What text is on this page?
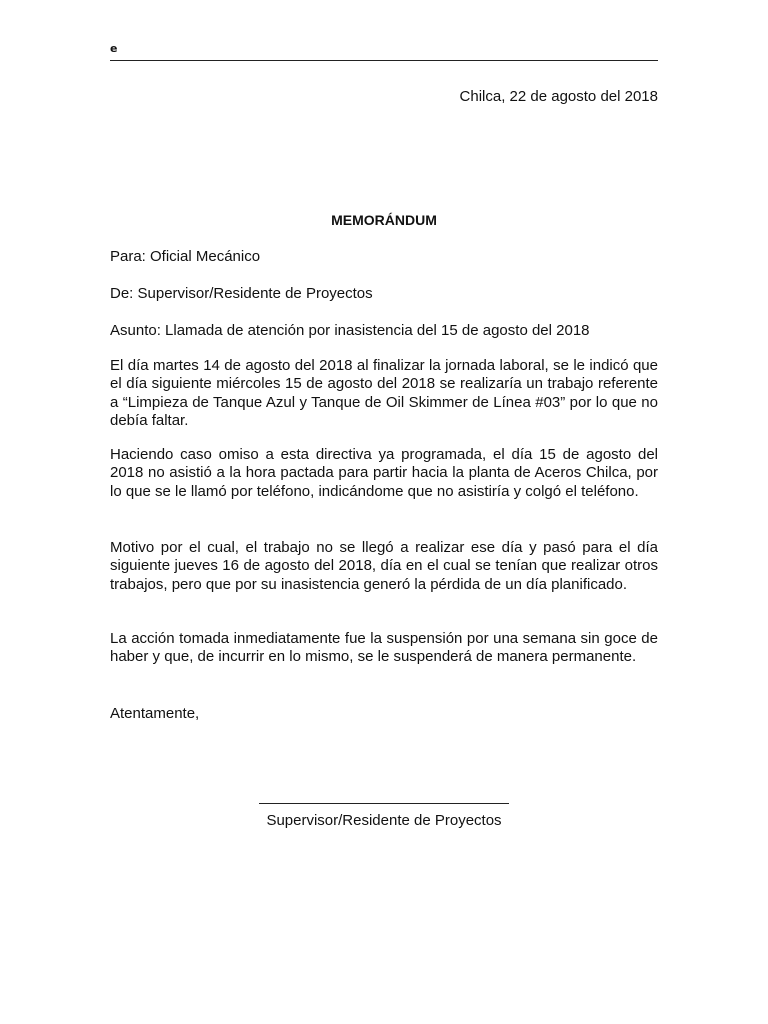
e
Chilca, 22 de agosto del 2018
MEMORÁNDUM
Para: Oficial Mecánico
De: Supervisor/Residente de Proyectos
Asunto: Llamada de atención por inasistencia del 15 de agosto del 2018

El día martes 14 de agosto del 2018 al finalizar la jornada laboral, se le indicó que el día siguiente miércoles 15 de agosto del 2018 se realizaría un trabajo referente a “Limpieza de Tanque Azul y Tanque de Oil Skimmer de Línea #03” por lo que no debía faltar.

Haciendo caso omiso a esta directiva ya programada, el día 15 de agosto del 2018 no asistió a la hora pactada para partir hacia la planta de Aceros Chilca, por lo que se le llamó por teléfono, indicándome que no asistiría y colgó el teléfono.

Motivo por el cual, el trabajo no se llegó a realizar ese día y pasó para el día siguiente jueves 16 de agosto del 2018, día en el cual se tenían que realizar otros trabajos, pero que por su inasistencia generó la pérdida de un día planificado.

La acción tomada inmediatamente fue la suspensión por una semana sin goce de haber y que, de incurrir en lo mismo, se le suspenderá de manera permanente.

Atentamente,
Supervisor/Residente de Proyectos
